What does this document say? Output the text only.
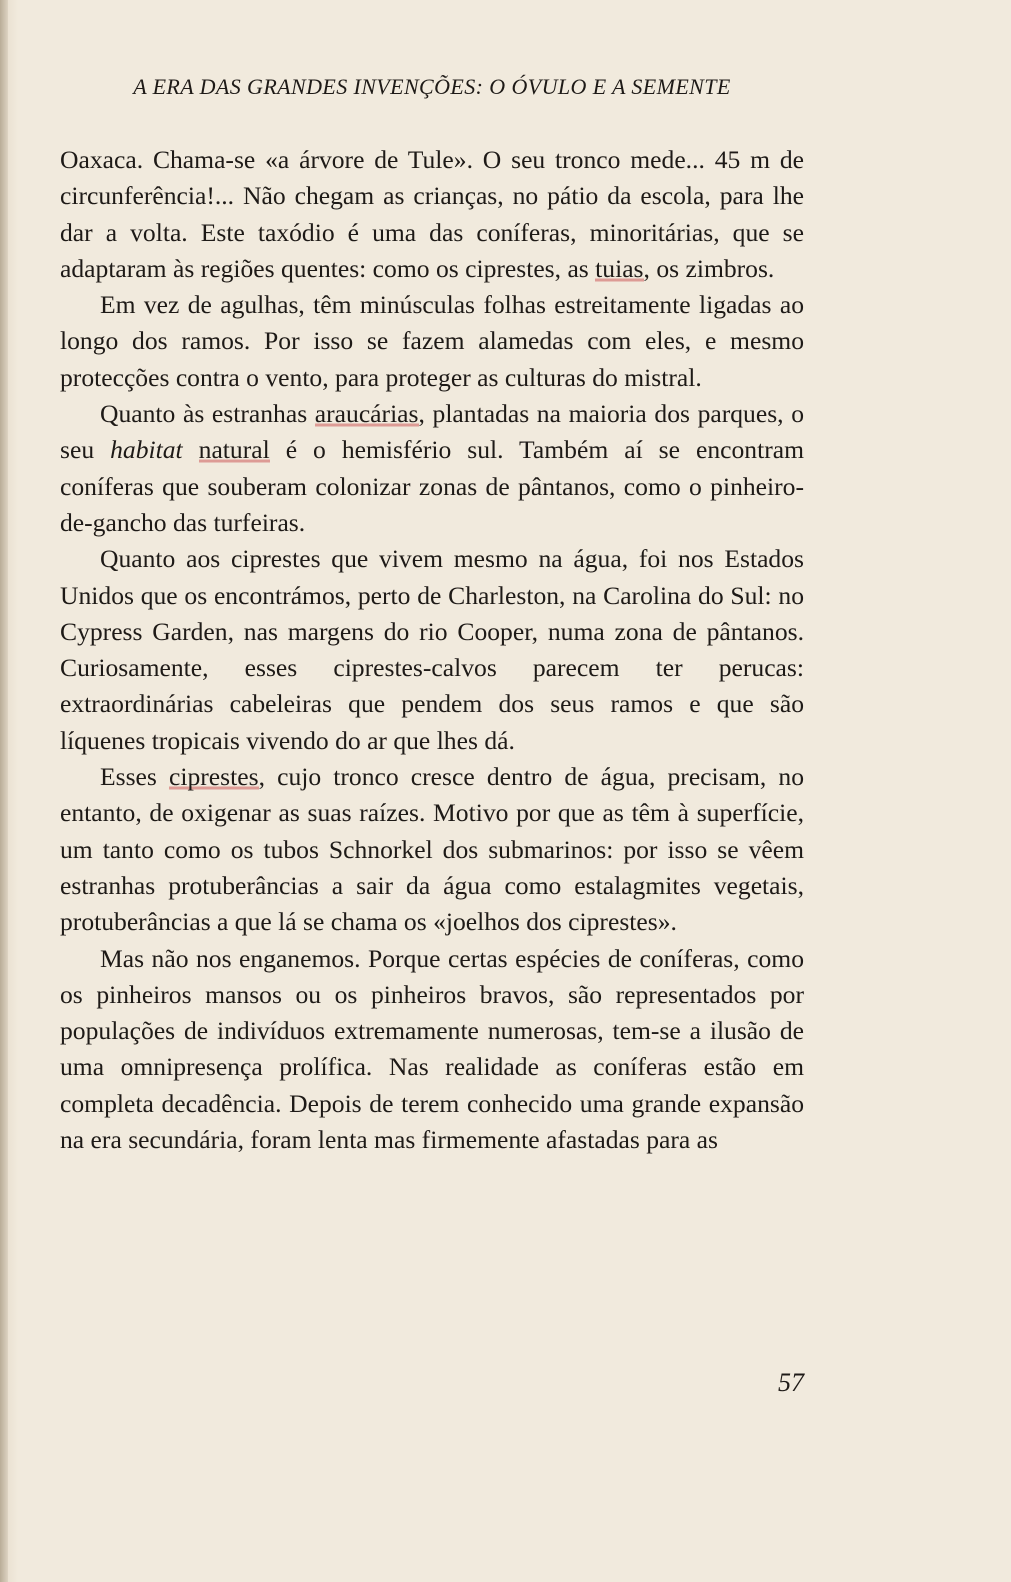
A ERA DAS GRANDES INVENÇÕES: O ÓVULO E A SEMENTE

Oaxaca. Chama-se «a árvore de Tule». O seu tronco mede... 45 m de circunferência!... Não chegam as crianças, no pátio da escola, para lhe dar a volta. Este taxódio é uma das coníferas, minoritárias, que se adaptaram às regiões quentes: como os ciprestes, as tuias, os zimbros.

Em vez de agulhas, têm minúsculas folhas estreitamente ligadas ao longo dos ramos. Por isso se fazem alamedas com eles, e mesmo protecções contra o vento, para proteger as culturas do mistral.

Quanto às estranhas araucárias, plantadas na maioria dos parques, o seu habitat natural é o hemisfério sul. Também aí se encontram coníferas que souberam colonizar zonas de pântanos, como o pinheiro-de-gancho das turfeiras.

Quanto aos ciprestes que vivem mesmo na água, foi nos Estados Unidos que os encontrámos, perto de Charleston, na Carolina do Sul: no Cypress Garden, nas margens do rio Cooper, numa zona de pântanos. Curiosamente, esses ciprestes-calvos parecem ter perucas: extraordinárias cabeleiras que pendem dos seus ramos e que são líquenes tropicais vivendo do ar que lhes dá.

Esses ciprestes, cujo tronco cresce dentro de água, precisam, no entanto, de oxigenar as suas raízes. Motivo por que as têm à superfície, um tanto como os tubos Schnorkel dos submarinos: por isso se vêem estranhas protuberâncias a sair da água como estalagmites vegetais, protuberâncias a que lá se chama os «joelhos dos ciprestes».

Mas não nos enganemos. Porque certas espécies de coníferas, como os pinheiros mansos ou os pinheiros bravos, são representados por populações de indivíduos extremamente numerosas, tem-se a ilusão de uma omnipresença prolífica. Nas realidade as coníferas estão em completa decadência. Depois de terem conhecido uma grande expansão na era secundária, foram lenta mas firmemente afastadas para as

57
